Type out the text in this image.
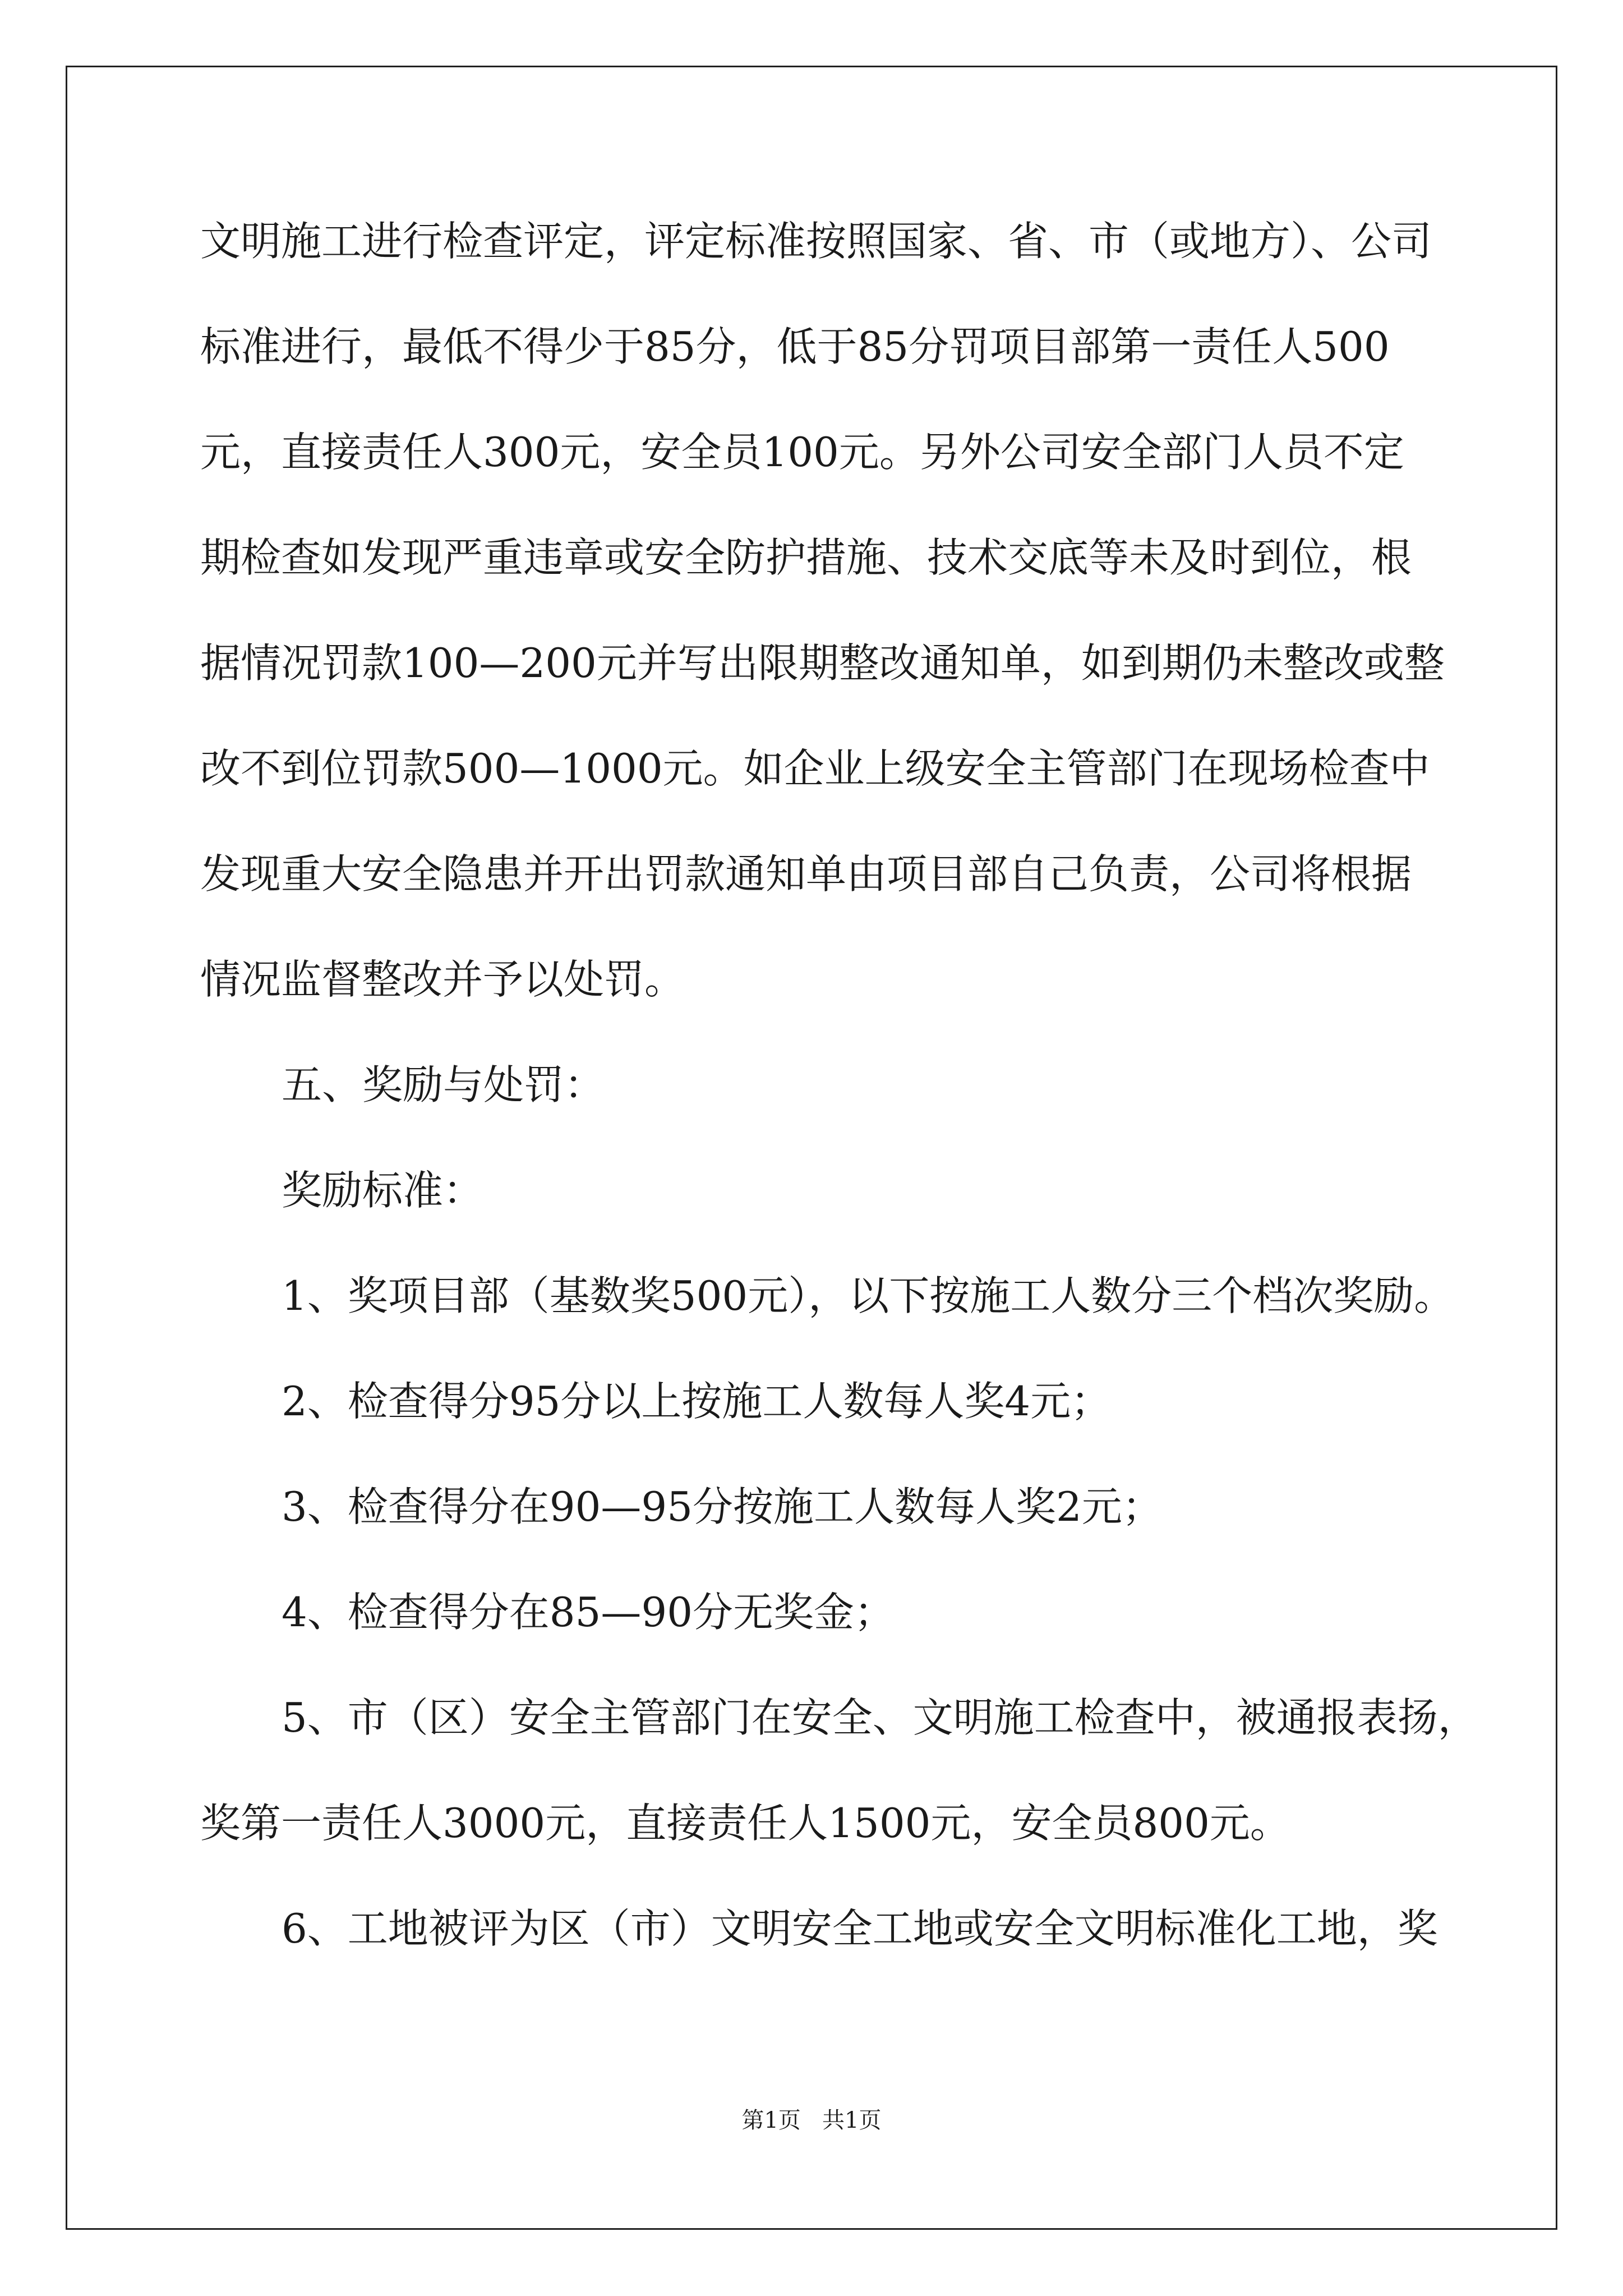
文明施工进行检查评定，评定标准按照国家、省、市（或地方）、公司
标准进行，最低不得少于85分，低于85分罚项目部第一责任人500
元，直接责任人300元，安全员100元。另外公司安全部门人员不定
期检查如发现严重违章或安全防护措施、技术交底等未及时到位，根
据情况罚款100—200元并写出限期整改通知单，如到期仍未整改或整
改不到位罚款500—1000元。如企业上级安全主管部门在现场检查中
发现重大安全隐患并开出罚款通知单由项目部自己负责，公司将根据
情况监督整改并予以处罚。
五、奖励与处罚：
奖励标准：
1、奖项目部（基数奖500元），以下按施工人数分三个档次奖励。
2、检查得分95分以上按施工人数每人奖4元；
3、检查得分在90—95分按施工人数每人奖2元；
4、检查得分在85—90分无奖金；
5、市（区）安全主管部门在安全、文明施工检查中，被通报表扬，
奖第一责任人3000元，直接责任人1500元，安全员800元。
6、工地被评为区（市）文明安全工地或安全文明标准化工地，奖
第1页   共1页
